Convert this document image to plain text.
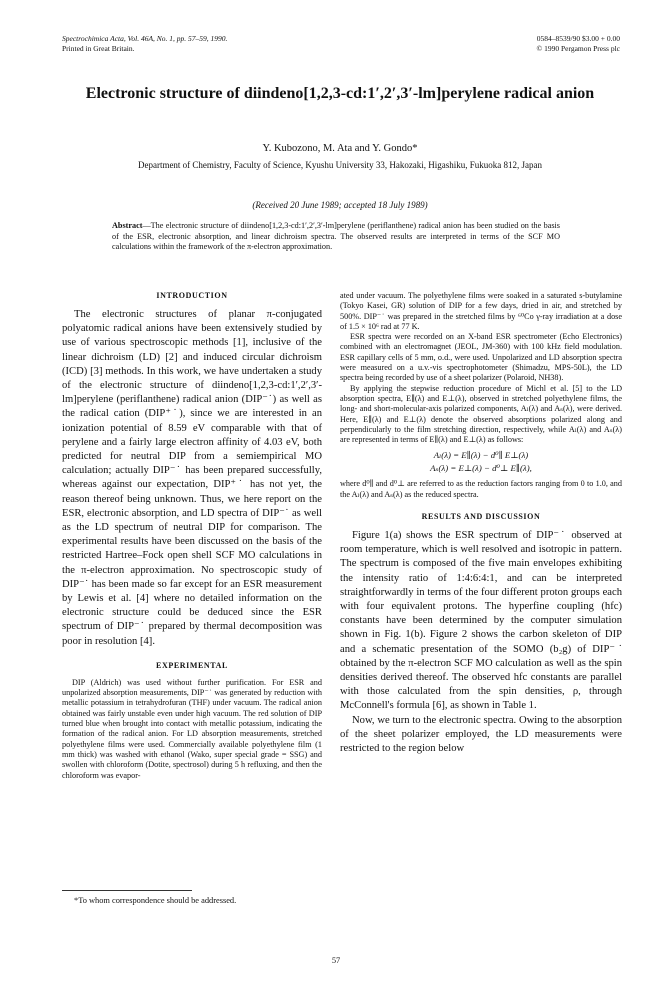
Spectrochimica Acta, Vol. 46A, No. 1, pp. 57–59, 1990.
Printed in Great Britain.
0584–8539/90 $3.00 + 0.00
© 1990 Pergamon Press plc
Electronic structure of diindeno[1,2,3-cd:1′,2′,3′-lm]perylene radical anion
Y. Kubozono, M. Ata and Y. Gondo*
Department of Chemistry, Faculty of Science, Kyushu University 33, Hakozaki, Higashiku, Fukuoka 812, Japan
(Received 20 June 1989; accepted 18 July 1989)
Abstract—The electronic structure of diindeno[1,2,3-cd:1′,2′,3′-lm]perylene (periflanthene) radical anion has been studied on the basis of the ESR, electronic absorption, and linear dichroism spectra. The observed results are interpreted in terms of the SCF MO calculations within the framework of the π-electron approximation.
INTRODUCTION

The electronic structures of planar π-conjugated polyatomic radical anions have been extensively studied by use of various spectroscopic methods [1], inclusive of the linear dichroism (LD) [2] and induced circular dichroism (ICD) [3] methods. In this work, we have undertaken a study of the electronic structure of diindeno[1,2,3-cd:1′,2′,3′-lm]perylene (periflanthene) radical anion (DIP⁻˙) as well as the radical cation (DIP⁺˙), since we are interested in an ionization potential of 8.59 eV comparable with that of perylene and a fairly large electron affinity of 4.03 eV, both predicted for neutral DIP from a semiempirical MO calculation; actually DIP⁻˙ has been prepared successfully, whereas against our expectation, DIP⁺˙ has not yet, the reason thereof being unknown. Thus, we here report on the ESR, electronic absorption, and LD spectra of DIP⁻˙ as well as the LD spectrum of neutral DIP for comparison. The experimental results have been discussed on the basis of the restricted Hartree–Fock open shell SCF MO calculations in the π-electron approximation. No spectroscopic study of DIP⁻˙ has been made so far except for an ESR measurement by Lewis et al. [4] where no detailed information on the electronic structure could be deduced since the ESR spectrum of DIP⁻˙ prepared by thermal decomposition was poor in resolution [4].

EXPERIMENTAL

DIP (Aldrich) was used without further purification. For ESR and unpolarized absorption measurements, DIP⁻˙ was generated by reduction with metallic potassium in tetrahydrofuran (THF) under vacuum. The radical anion obtained was fairly unstable even under high vacuum. The red solution of DIP turned blue when brought into contact with metallic potassium, indicating the formation of the radical anion. For LD absorption measurements, stretched polyethylene films were used. Commercially available polyethylene film (1 mm thick) was washed with ethanol (Wako, super special grade = SSG) and swollen with chloroform (Dotite, spectrosol) during 5 h refluxing, and then the chloroform was evapor-

ated under vacuum. The polyethylene films were soaked in a saturated s-butylamine (Tokyo Kasei, GR) solution of DIP for a few days, dried in air, and stretched by 500%. DIP⁻˙ was prepared in the stretched films by ⁶⁰Co γ-ray irradiation at a dose of 1.5 × 10⁶ rad at 77 K.

ESR spectra were recorded on an X-band ESR spectrometer (Echo Electronics) combined with an electromagnet (JEOL, JM-360) with 100 kHz field modulation. ESR capillary cells of 5 mm, o.d., were used. Unpolarized and LD absorption spectra were measured on a u.v.-vis spectrophotometer (Shimadzu, MPS-50L), the LD spectra being recorded by use of a sheet polarizer (Polaroid, NH38).

By applying the stepwise reduction procedure of Michl et al. [5] to the LD absorption spectra, E∥(λ) and E⊥(λ), observed in stretched polyethylene films, the long- and short-molecular-axis polarized components, Aₗ(λ) and Aₛ(λ), were derived. Here, E∥(λ) and E⊥(λ) denote the observed absorptions polarized along and perpendicularly to the film stretching direction, respectively, while Aₗ(λ) and Aₛ(λ) are represented in terms of E∥(λ) and E⊥(λ) as follows:

Aₗ(λ) = E∥(λ) − d⁰∥ E⊥(λ)
Aₛ(λ) = E⊥(λ) − d⁰⊥ E∥(λ),

where d⁰∥ and d⁰⊥ are referred to as the reduction factors ranging from 0 to 1.0, and the Aₗ(λ) and Aₛ(λ) as the reduced spectra.

RESULTS AND DISCUSSION

Figure 1(a) shows the ESR spectrum of DIP⁻˙ observed at room temperature, which is well resolved and isotropic in pattern. The spectrum is composed of the five main envelopes exhibiting the intensity ratio of 1:4:6:4:1, and can be interpreted straightforwardly in terms of the four different proton groups each with four equivalent protons. The hyperfine coupling (hfc) constants have been determined by the computer simulation shown in Fig. 1(b). Figure 2 shows the carbon skeleton of DIP and a schematic presentation of the SOMO (b₂g) of DIP⁻˙ obtained by the π-electron SCF MO calculation as well as the spin densities derived thereof. The observed hfc constants are parallel with those calculated from the spin densities, ρ, through McConnell's formula [6], as shown in Table 1.

Now, we turn to the electronic spectra. Owing to the absorption of the sheet polarizer employed, the LD measurements were restricted to the region below

*To whom correspondence should be addressed.
57
